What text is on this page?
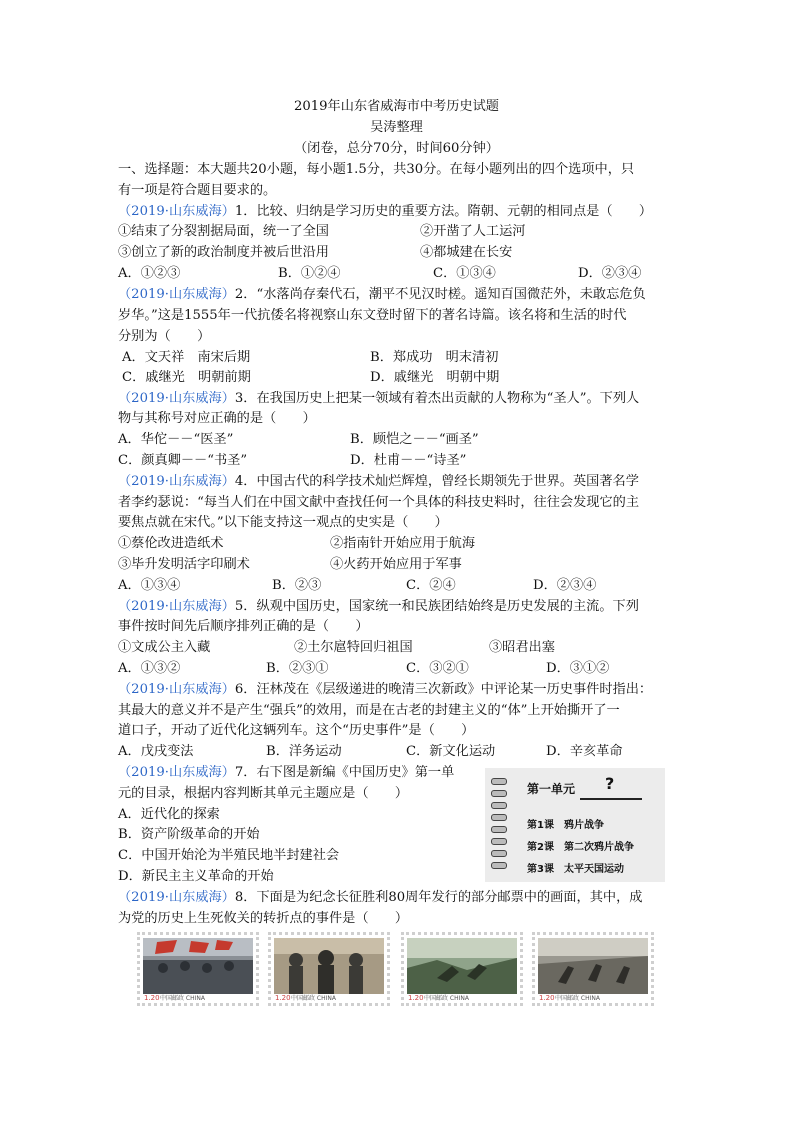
2019年山东省威海市中考历史试题
吴涛整理
（闭卷，总分70分，时间60分钟）
一、选择题：本大题共20小题，每小题1.5分，共30分。在每小题列出的四个选项中，只
有一项是符合题目要求的。
（2019·山东威海）1．比较、归纳是学习历史的重要方法。隋朝、元朝的相同点是（　　）
①结束了分裂割据局面，统一了全国	②开凿了人工运河
③创立了新的政治制度并被后世沿用	④都城建在长安
A．①②③	B．①②④	C．①③④	D．②③④
（2019·山东威海）2．“水落尚存秦代石，潮平不见汉时槎。遥知百国微茫外，未敢忘危负
岁华。”这是1555年一代抗倭名将视察山东文登时留下的著名诗篇。该名将和生活的时代
分别为（　　）
A．文天祥　南宋后期	B．郑成功　明末清初
C．戚继光　明朝前期	D．戚继光　明朝中期
（2019·山东威海）3．在我国历史上把某一领域有着杰出贡献的人物称为“圣人”。下列人
物与其称号对应正确的是（　　）
A．华佗－－“医圣”	B．顾恺之－－“画圣”
C．颜真卿－－“书圣”	D．杜甫－－“诗圣”
（2019·山东威海）4．中国古代的科学技术灿烂辉煌，曾经长期领先于世界。英国著名学
者李约瑟说：“每当人们在中国文献中查找任何一个具体的科技史料时，往往会发现它的主
要焦点就在宋代。”以下能支持这一观点的史实是（　　）
①蔡伦改进造纸术	②指南针开始应用于航海
③毕升发明活字印刷术	④火药开始应用于军事
A．①③④	B．②③	C．②④	D．②③④
（2019·山东威海）5．纵观中国历史，国家统一和民族团结始终是历史发展的主流。下列
事件按时间先后顺序排列正确的是（　　）
①文成公主入藏	②土尔扈特回归祖国	③昭君出塞
A．①③②	B．②③①	C．③②①	D．③①②
（2019·山东威海）6．汪林茂在《层级递进的晚清三次新政》中评论某一历史事件时指出：
其最大的意义并不是产生“强兵”的效用，而是在古老的封建主义的“体”上开始撕开了一
道口子，开动了近代化这辆列车。这个“历史事件”是（　　）
A．戊戌变法	B．洋务运动	C．新文化运动	D．辛亥革命
（2019·山东威海）7．右下图是新编《中国历史》第一单
元的目录，根据内容判断其单元主题应是（　　）
A．近代化的探索
B．资产阶级革命的开始
C．中国开始沦为半殖民地半封建社会
D．新民主主义革命的开始
第一单元 ?
第1课　鸦片战争
第2课　第二次鸦片战争
第3课　太平天国运动
（2019·山东威海）8．下面是为纪念长征胜利80周年发行的部分邮票中的画面，其中，成
为党的历史上生死攸关的转折点的事件是（　　）
1.20 中国邮政 CHINA	1.20 中国邮政 CHINA	1.20 中国邮政 CHINA	1.20 中国邮政 CHINA
